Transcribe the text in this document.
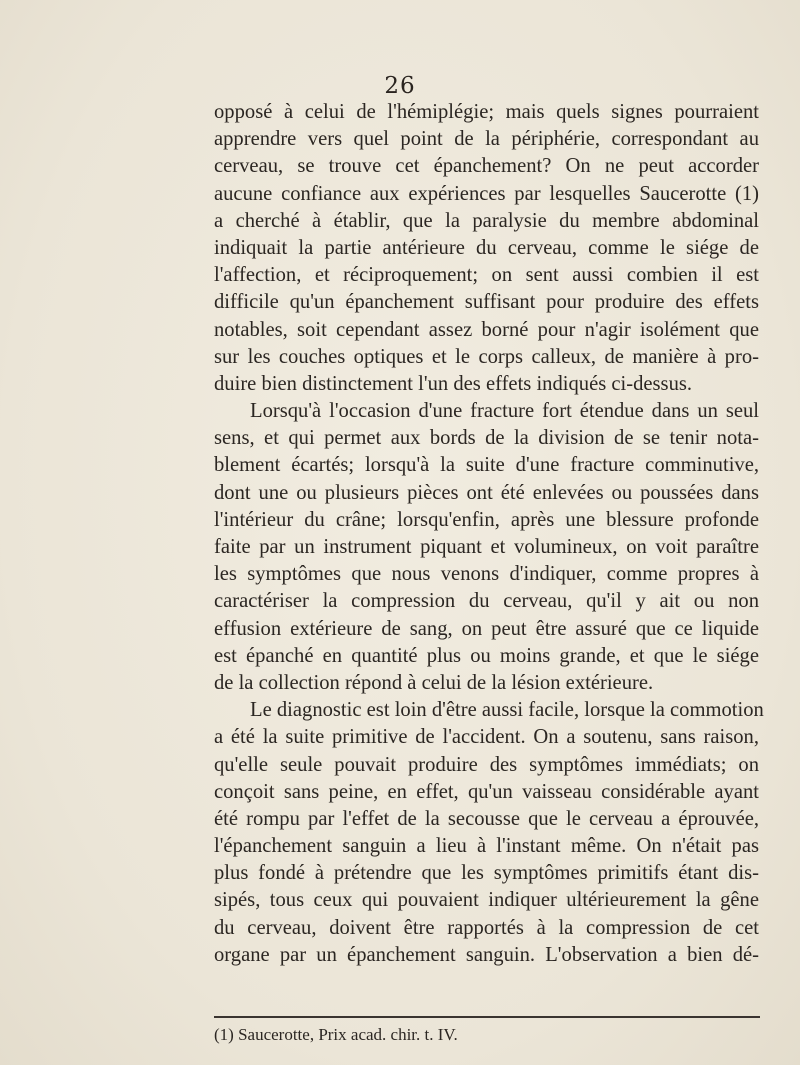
26
opposé à celui de l'hémiplégie; mais quels signes pourraient
apprendre vers quel point de la périphérie, correspondant au
cerveau, se trouve cet épanchement? On ne peut accorder
aucune confiance aux expériences par lesquelles Saucerotte (1)
a cherché à établir, que la paralysie du membre abdominal
indiquait la partie antérieure du cerveau, comme le siége de
l'affection, et réciproquement; on sent aussi combien il est
difficile qu'un épanchement suffisant pour produire des effets
notables, soit cependant assez borné pour n'agir isolément que
sur les couches optiques et le corps calleux, de manière à pro-
duire bien distinctement l'un des effets indiqués ci-dessus.
Lorsqu'à l'occasion d'une fracture fort étendue dans un seul
sens, et qui permet aux bords de la division de se tenir nota-
blement écartés; lorsqu'à la suite d'une fracture comminutive,
dont une ou plusieurs pièces ont été enlevées ou poussées dans
l'intérieur du crâne; lorsqu'enfin, après une blessure profonde
faite par un instrument piquant et volumineux, on voit paraître
les symptômes que nous venons d'indiquer, comme propres à
caractériser la compression du cerveau, qu'il y ait ou non
effusion extérieure de sang, on peut être assuré que ce liquide
est épanché en quantité plus ou moins grande, et que le siége
de la collection répond à celui de la lésion extérieure.
Le diagnostic est loin d'être aussi facile, lorsque la commotion
a été la suite primitive de l'accident. On a soutenu, sans raison,
qu'elle seule pouvait produire des symptômes immédiats; on
conçoit sans peine, en effet, qu'un vaisseau considérable ayant
été rompu par l'effet de la secousse que le cerveau a éprouvée,
l'épanchement sanguin a lieu à l'instant même. On n'était pas
plus fondé à prétendre que les symptômes primitifs étant dis-
sipés, tous ceux qui pouvaient indiquer ultérieurement la gêne
du cerveau, doivent être rapportés à la compression de cet
organe par un épanchement sanguin. L'observation a bien dé-
(1) Saucerotte, Prix acad. chir. t. IV.
